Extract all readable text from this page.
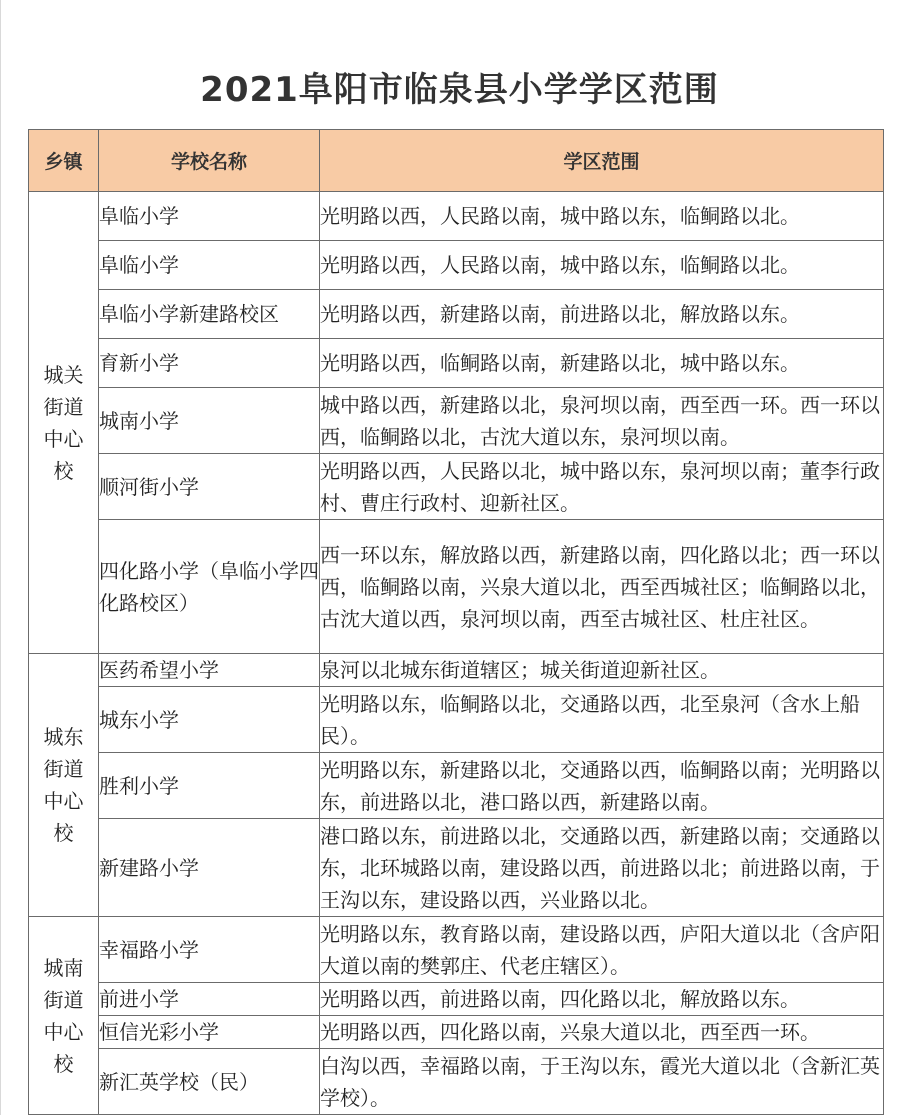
2021阜阳市临泉县小学学区范围
乡镇	学校名称	学区范围
城关街道中心校	阜临小学	光明路以西，人民路以南，城中路以东，临鲖路以北。
	阜临小学	光明路以西，人民路以南，城中路以东，临鲖路以北。
	阜临小学新建路校区	光明路以西，新建路以南，前进路以北，解放路以东。
	育新小学	光明路以西，临鲖路以南，新建路以北，城中路以东。
	城南小学	城中路以西，新建路以北，泉河坝以南，西至西一环。西一环以西，临鲖路以北，古沈大道以东，泉河坝以南。
	顺河街小学	光明路以西，人民路以北，城中路以东，泉河坝以南；董李行政村、曹庄行政村、迎新社区。
	四化路小学（阜临小学四化路校区）	西一环以东，解放路以西，新建路以南，四化路以北；西一环以西，临鲖路以南，兴泉大道以北，西至西城社区；临鲖路以北，古沈大道以西，泉河坝以南，西至古城社区、杜庄社区。
城东街道中心校	医药希望小学	泉河以北城东街道辖区；城关街道迎新社区。
	城东小学	光明路以东，临鲖路以北，交通路以西，北至泉河（含水上船民）。
	胜利小学	光明路以东，新建路以北，交通路以西，临鲖路以南；光明路以东，前进路以北，港口路以西，新建路以南。
	新建路小学	港口路以东，前进路以北，交通路以西，新建路以南；交通路以东，北环城路以南，建设路以西，前进路以北；前进路以南，于王沟以东，建设路以西，兴业路以北。
城南街道中心校	幸福路小学	光明路以东，教育路以南，建设路以西，庐阳大道以北（含庐阳大道以南的樊郭庄、代老庄辖区）。
	前进小学	光明路以西，前进路以南，四化路以北，解放路以东。
	恒信光彩小学	光明路以西，四化路以南，兴泉大道以北，西至西一环。
	新汇英学校（民）	白沟以西，幸福路以南，于王沟以东，霞光大道以北（含新汇英学校）。
